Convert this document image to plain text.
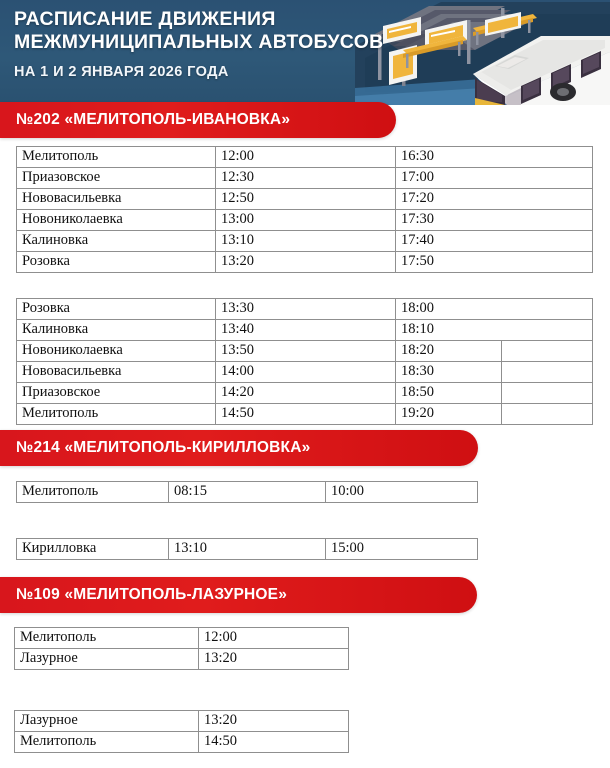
РАСПИСАНИЕ ДВИЖЕНИЯ
МЕЖМУНИЦИПАЛЬНЫХ АВТОБУСОВ
НА 1 И 2 ЯНВАРЯ 2026 ГОДА
№202 «МЕЛИТОПОЛЬ-ИВАНОВКА»
Мелитополь	12:00	16:30
Приазовское	12:30	17:00
Нововасильевка	12:50	17:20
Новониколаевка	13:00	17:30
Калиновка	13:10	17:40
Розовка	13:20	17:50
Розовка	13:30	18:00	
Калиновка	13:40	18:10	
Новониколаевка	13:50	18:20	
Нововасильевка	14:00	18:30	
Приазовское	14:20	18:50	
Мелитополь	14:50	19:20	
№214 «МЕЛИТОПОЛЬ-КИРИЛЛОВКА»
Мелитополь	08:15	10:00
Кирилловка	13:10	15:00
№109 «МЕЛИТОПОЛЬ-ЛАЗУРНОЕ»
Мелитополь	12:00
Лазурное	13:20
Лазурное	13:20
Мелитополь	14:50
